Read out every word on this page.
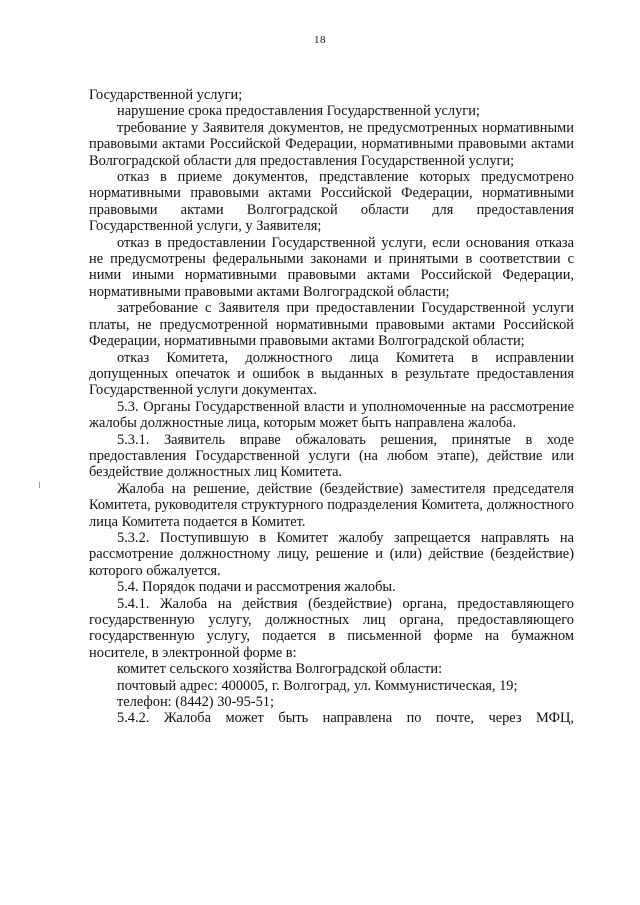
18

Государственной услуги;

нарушение срока предоставления Государственной услуги;

требование у Заявителя документов, не предусмотренных нормативными правовыми актами Российской Федерации, нормативными правовыми актами Волгоградской области для предоставления Государственной услуги;

отказ в приеме документов, представление которых предусмотрено нормативными правовыми актами Российской Федерации, нормативными правовыми актами Волгоградской области для предоставления Государственной услуги, у Заявителя;

отказ в предоставлении Государственной услуги, если основания отказа не предусмотрены федеральными законами и принятыми в соответствии с ними иными нормативными правовыми актами Российской Федерации, нормативными правовыми актами Волгоградской области;

затребование с Заявителя при предоставлении Государственной услуги платы, не предусмотренной нормативными правовыми актами Российской Федерации, нормативными правовыми актами Волгоградской области;

отказ Комитета, должностного лица Комитета в исправлении допущенных опечаток и ошибок в выданных в результате предоставления Государственной услуги документах.

5.3. Органы Государственной власти и уполномоченные на рассмотрение жалобы должностные лица, которым может быть направлена жалоба.

5.3.1. Заявитель вправе обжаловать решения, принятые в ходе предоставления Государственной услуги (на любом этапе), действие или бездействие должностных лиц Комитета.

Жалоба на решение, действие (бездействие) заместителя председателя Комитета, руководителя структурного подразделения Комитета, должностного лица Комитета подается в Комитет.

5.3.2. Поступившую в Комитет жалобу запрещается направлять на рассмотрение должностному лицу, решение и (или) действие (бездействие) которого обжалуется.

5.4. Порядок подачи и рассмотрения жалобы.

5.4.1. Жалоба на действия (бездействие) органа, предоставляющего государственную услугу, должностных лиц органа, предоставляющего государственную услугу, подается в письменной форме на бумажном носителе, в электронной форме в:

комитет сельского хозяйства Волгоградской области:

почтовый адрес: 400005, г. Волгоград, ул. Коммунистическая, 19;

телефон: (8442) 30-95-51;

5.4.2. Жалоба может быть направлена по почте, через МФЦ,
